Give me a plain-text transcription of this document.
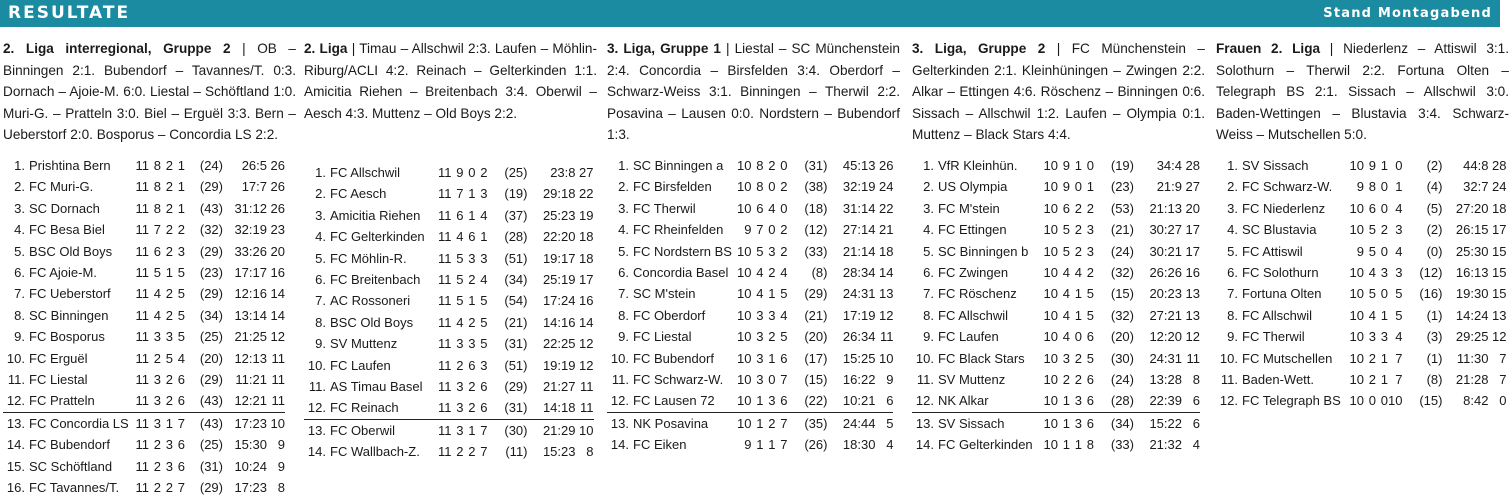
RESULTATE	Stand Montagabend
2. Liga interregional, Gruppe 2 | OB – Binningen 2:1. Bubendorf – Tavannes/T. 0:3. Dornach – Ajoie-M. 6:0. Liestal – Schöftland 1:0. Muri-G. – Pratteln 3:0. Biel – Erguël 3:3. Bern – Ueberstorf 2:0. Bosporus – Concordia LS 2:2.
1.	Prishtina Bern	11	8	2	1	(24)	26:5	26
2.	FC Muri-G.	11	8	2	1	(29)	17:7	26
3.	SC Dornach	11	8	2	1	(43)	31:12	26
4.	FC Besa Biel	11	7	2	2	(32)	32:19	23
5.	BSC Old Boys	11	6	2	3	(29)	33:26	20
6.	FC Ajoie-M.	11	5	1	5	(23)	17:17	16
7.	FC Ueberstorf	11	4	2	5	(29)	12:16	14
8.	SC Binningen	11	4	2	5	(34)	13:14	14
9.	FC Bosporus	11	3	3	5	(25)	21:25	12
10.	FC Erguël	11	2	5	4	(20)	12:13	11
11.	FC Liestal	11	3	2	6	(29)	11:21	11
12.	FC Pratteln	11	3	2	6	(43)	12:21	11
13.	FC Concordia LS	11	3	1	7	(43)	17:23	10
14.	FC Bubendorf	11	2	3	6	(25)	15:30	9
15.	SC Schöftland	11	2	3	6	(31)	10:24	9
16.	FC Tavannes/T.	11	2	2	7	(29)	17:23	8
2. Liga | Timau – Allschwil 2:3. Laufen – Möhlin-Riburg/ACLI 4:2. Reinach – Gelterkinden 1:1. Amicitia Riehen – Breitenbach 3:4. Oberwil – Aesch 4:3. Muttenz – Old Boys 2:2.
1.	FC Allschwil	11	9	0	2	(25)	23:8	27
2.	FC Aesch	11	7	1	3	(19)	29:18	22
3.	Amicitia Riehen	11	6	1	4	(37)	25:23	19
4.	FC Gelterkinden	11	4	6	1	(28)	22:20	18
5.	FC Möhlin-R.	11	5	3	3	(51)	19:17	18
6.	FC Breitenbach	11	5	2	4	(34)	25:19	17
7.	AC Rossoneri	11	5	1	5	(54)	17:24	16
8.	BSC Old Boys	11	4	2	5	(21)	14:16	14
9.	SV Muttenz	11	3	3	5	(31)	22:25	12
10.	FC Laufen	11	2	6	3	(51)	19:19	12
11.	AS Timau Basel	11	3	2	6	(29)	21:27	11
12.	FC Reinach	11	3	2	6	(31)	14:18	11
13.	FC Oberwil	11	3	1	7	(30)	21:29	10
14.	FC Wallbach-Z.	11	2	2	7	(11)	15:23	8
3. Liga, Gruppe 1 | Liestal – SC Münchenstein 2:4. Concordia – Birsfelden 3:4. Oberdorf – Schwarz-Weiss 3:1. Binningen – Therwil 2:2. Posavina – Lausen 0:0. Nordstern – Bubendorf 1:3.
1.	SC Binningen a	10	8	2	0	(31)	45:13	26
2.	FC Birsfelden	10	8	0	2	(38)	32:19	24
3.	FC Therwil	10	6	4	0	(18)	31:14	22
4.	FC Rheinfelden	9	7	0	2	(12)	27:14	21
5.	FC Nordstern BS	10	5	3	2	(33)	21:14	18
6.	Concordia Basel	10	4	2	4	(8)	28:34	14
7.	SC M'stein	10	4	1	5	(29)	24:31	13
8.	FC Oberdorf	10	3	3	4	(21)	17:19	12
9.	FC Liestal	10	3	2	5	(20)	26:34	11
10.	FC Bubendorf	10	3	1	6	(17)	15:25	10
11.	FC Schwarz-W.	10	3	0	7	(15)	16:22	9
12.	FC Lausen 72	10	1	3	6	(22)	10:21	6
13.	NK Posavina	10	1	2	7	(35)	24:44	5
14.	FC Eiken	9	1	1	7	(26)	18:30	4
3. Liga, Gruppe 2 | FC Münchenstein – Gelterkinden 2:1. Kleinhüningen – Zwingen 2:2. Alkar – Ettingen 4:6. Röschenz – Binningen 0:6. Sissach – Allschwil 1:2. Laufen – Olympia 0:1. Muttenz – Black Stars 4:4.
1.	VfR Kleinhün.	10	9	1	0	(19)	34:4	28
2.	US Olympia	10	9	0	1	(23)	21:9	27
3.	FC M'stein	10	6	2	2	(53)	21:13	20
4.	FC Ettingen	10	5	2	3	(21)	30:27	17
5.	SC Binningen b	10	5	2	3	(24)	30:21	17
6.	FC Zwingen	10	4	4	2	(32)	26:26	16
7.	FC Röschenz	10	4	1	5	(15)	20:23	13
8.	FC Allschwil	10	4	1	5	(32)	27:21	13
9.	FC Laufen	10	4	0	6	(20)	12:20	12
10.	FC Black Stars	10	3	2	5	(30)	24:31	11
11.	SV Muttenz	10	2	2	6	(24)	13:28	8
12.	NK Alkar	10	1	3	6	(28)	22:39	6
13.	SV Sissach	10	1	3	6	(34)	15:22	6
14.	FC Gelterkinden	10	1	1	8	(33)	21:32	4
Frauen 2. Liga | Niederlenz – Attiswil 3:1. Solothurn – Therwil 2:2. Fortuna Olten – Telegraph BS 2:1. Sissach – Allschwil 3:0. Baden-Wettingen – Blustavia 3:4. Schwarz-Weiss – Mutschellen 5:0.
1.	SV Sissach	10	9	1	0	(2)	44:8	28
2.	FC Schwarz-W.	9	8	0	1	(4)	32:7	24
3.	FC Niederlenz	10	6	0	4	(5)	27:20	18
4.	SC Blustavia	10	5	2	3	(2)	26:15	17
5.	FC Attiswil	9	5	0	4	(0)	25:30	15
6.	FC Solothurn	10	4	3	3	(12)	16:13	15
7.	Fortuna Olten	10	5	0	5	(16)	19:30	15
8.	FC Allschwil	10	4	1	5	(1)	14:24	13
9.	FC Therwil	10	3	3	4	(3)	29:25	12
10.	FC Mutschellen	10	2	1	7	(1)	11:30	7
11.	Baden-Wett.	10	2	1	7	(8)	21:28	7
12.	FC Telegraph BS	10	0	0	10	(15)	8:42	0
